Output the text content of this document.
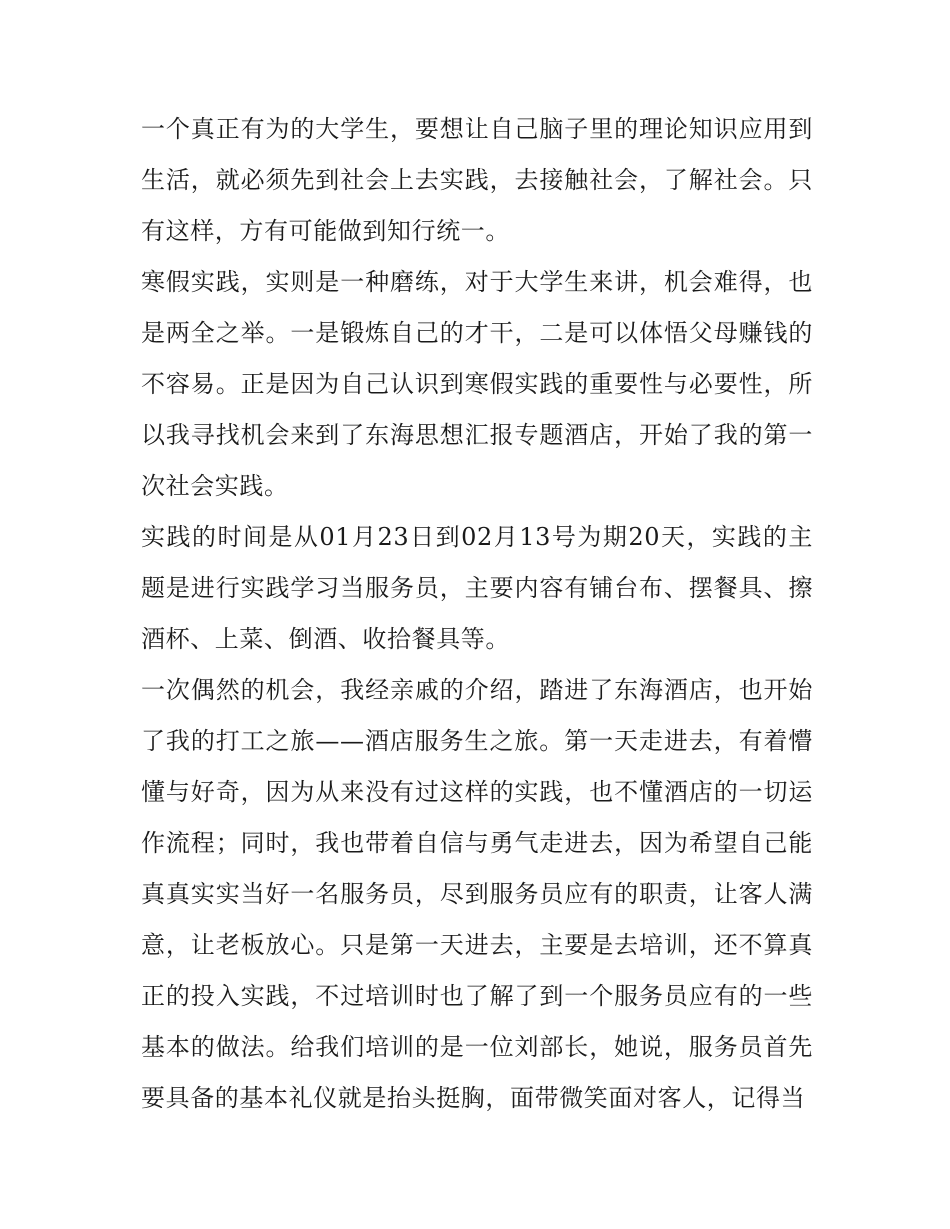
一个真正有为的大学生，要想让自己脑子里的理论知识应用到生活，就必须先到社会上去实践，去接触社会，了解社会。只有这样，方有可能做到知行统一。

寒假实践，实则是一种磨练，对于大学生来讲，机会难得，也是两全之举。一是锻炼自己的才干，二是可以体悟父母赚钱的不容易。正是因为自己认识到寒假实践的重要性与必要性，所以我寻找机会来到了东海思想汇报专题酒店，开始了我的第一次社会实践。

实践的时间是从01月23日到02月13号为期20天，实践的主题是进行实践学习当服务员，主要内容有铺台布、摆餐具、擦酒杯、上菜、倒酒、收拾餐具等。

一次偶然的机会，我经亲戚的介绍，踏进了东海酒店，也开始了我的打工之旅——酒店服务生之旅。第一天走进去，有着懵懂与好奇，因为从来没有过这样的实践，也不懂酒店的一切运作流程；同时，我也带着自信与勇气走进去，因为希望自己能真真实实当好一名服务员，尽到服务员应有的职责，让客人满意，让老板放心。只是第一天进去，主要是去培训，还不算真正的投入实践，不过培训时也了解了到一个服务员应有的一些基本的做法。给我们培训的是一位刘部长，她说，服务员首先要具备的基本礼仪就是抬头挺胸，面带微笑面对客人，记得当
